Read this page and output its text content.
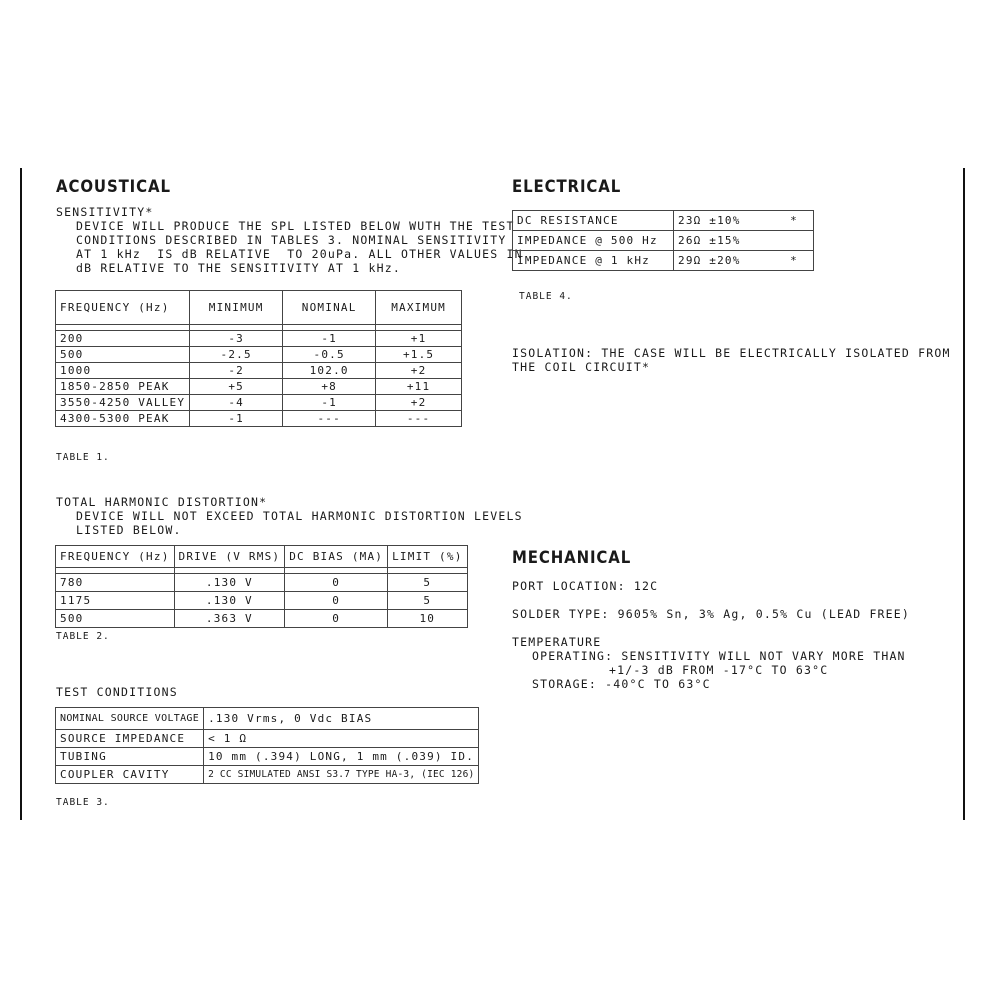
ACOUSTICAL
SENSITIVITY*
DEVICE WILL PRODUCE THE SPL LISTED BELOW WUTH THE TEST
CONDITIONS DESCRIBED IN TABLES 3. NOMINAL SENSITIVITY
AT 1 kHz  IS dB RELATIVE  TO 20uPa. ALL OTHER VALUES IN
dB RELATIVE TO THE SENSITIVITY AT 1 kHz.
FREQUENCY (Hz)	MINIMUM	NOMINAL	MAXIMUM

200	-3	-1	+1
500	-2.5	-0.5	+1.5
1000	-2	102.0	+2
1850-2850 PEAK	+5	+8	+11
3550-4250 VALLEY	-4	-1	+2
4300-5300 PEAK	-1	---	---
TABLE 1.
TOTAL HARMONIC DISTORTION*
DEVICE WILL NOT EXCEED TOTAL HARMONIC DISTORTION LEVELS
LISTED BELOW.
FREQUENCY (Hz)	DRIVE (V RMS)	DC BIAS (MA)	LIMIT (%)

780	.130 V	0	5
1175	.130 V	0	5
500	.363 V	0	10
TABLE 2.
TEST CONDITIONS
NOMINAL SOURCE VOLTAGE	.130 Vrms, 0 Vdc BIAS
SOURCE IMPEDANCE	< 1 Ω
TUBING	10 mm (.394) LONG, 1 mm (.039) ID.
COUPLER CAVITY	2 CC SIMULATED ANSI S3.7 TYPE HA-3, (IEC 126)
TABLE 3.
ELECTRICAL
DC RESISTANCE	23Ω ±10%	*
IMPEDANCE @ 500 Hz	26Ω ±15%	
IMPEDANCE @ 1 kHz	29Ω ±20%	*
TABLE 4.
ISOLATION: THE CASE WILL BE ELECTRICALLY ISOLATED FROM
THE COIL CIRCUIT*
MECHANICAL
PORT LOCATION: 12C
SOLDER TYPE: 9605% Sn, 3% Ag, 0.5% Cu (LEAD FREE)
TEMPERATURE
OPERATING: SENSITIVITY WILL NOT VARY MORE THAN
+1/-3 dB FROM -17°C TO 63°C
STORAGE: -40°C TO 63°C
